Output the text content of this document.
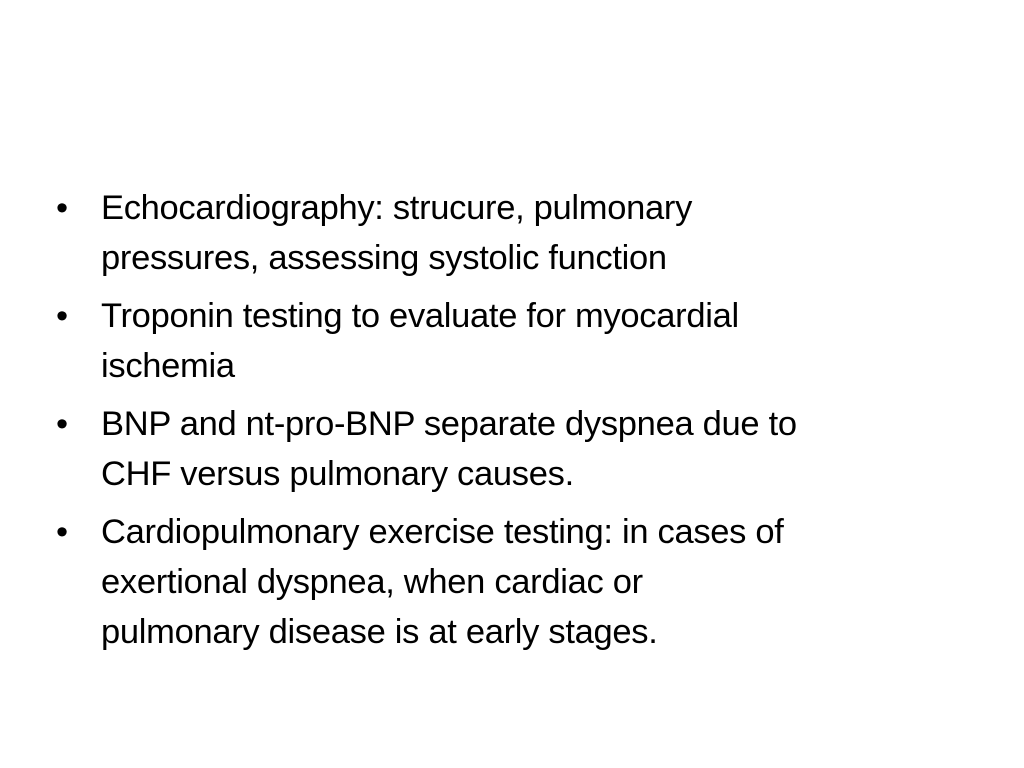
• Echocardiography: strucure, pulmonary
pressures, assessing systolic function
• Troponin testing to evaluate for myocardial
ischemia
• BNP and nt-pro-BNP separate dyspnea due to
CHF versus pulmonary causes.
• Cardiopulmonary exercise testing: in cases of
exertional dyspnea, when cardiac or
pulmonary disease is at early stages.
